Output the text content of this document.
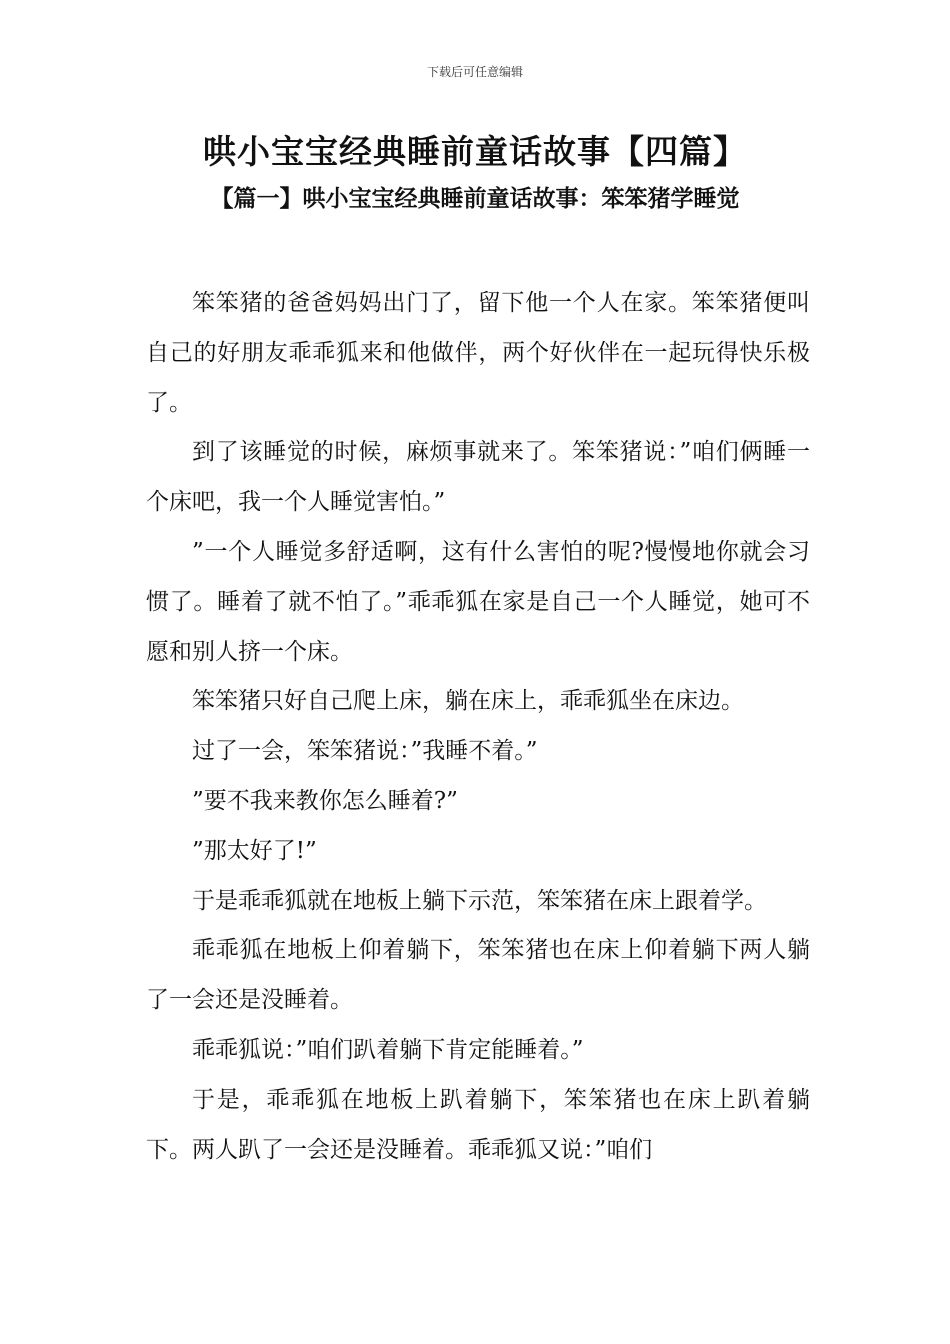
下载后可任意编辑
哄小宝宝经典睡前童话故事【四篇】
【篇一】哄小宝宝经典睡前童话故事：笨笨猪学睡觉

笨笨猪的爸爸妈妈出门了，留下他一个人在家。笨笨猪便叫自己的好朋友乖乖狐来和他做伴，两个好伙伴在一起玩得快乐极了。

到了该睡觉的时候，麻烦事就来了。笨笨猪说：”咱们俩睡一个床吧，我一个人睡觉害怕。”

”一个人睡觉多舒适啊，这有什么害怕的呢?慢慢地你就会习惯了。睡着了就不怕了。”乖乖狐在家是自己一个人睡觉，她可不愿和别人挤一个床。

笨笨猪只好自己爬上床，躺在床上，乖乖狐坐在床边。

过了一会，笨笨猪说：”我睡不着。”

”要不我来教你怎么睡着?”

”那太好了!”

于是乖乖狐就在地板上躺下示范，笨笨猪在床上跟着学。

乖乖狐在地板上仰着躺下，笨笨猪也在床上仰着躺下两人躺了一会还是没睡着。

乖乖狐说：”咱们趴着躺下肯定能睡着。”

于是，乖乖狐在地板上趴着躺下，笨笨猪也在床上趴着躺下。两人趴了一会还是没睡着。乖乖狐又说：”咱们
